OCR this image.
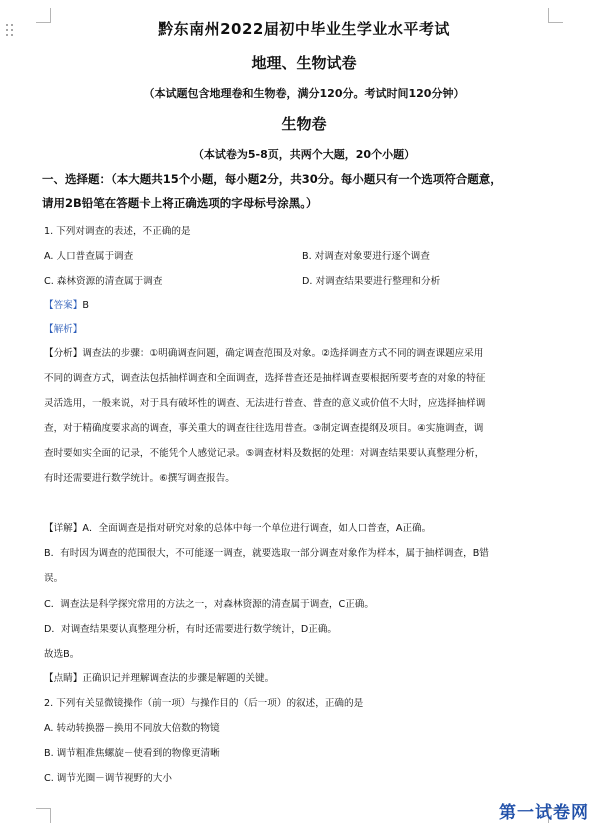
黔东南州2022届初中毕业生学业水平考试
地理、生物试卷
（本试题包含地理卷和生物卷，满分120分。考试时间120分钟）
生物卷
（本试卷为5-8页，共两个大题，20个小题）
一、选择题：（本大题共15个小题，每小题2分，共30分。每小题只有一个选项符合题意，
请用2B铅笔在答题卡上将正确选项的字母标号涂黑。）
1. 下列对调查的表述，不正确的是
A. 人口普查属于调查	B. 对调查对象要进行逐个调查
C. 森林资源的清查属于调查	D. 对调查结果要进行整理和分析
【答案】B
【解析】
【分析】调查法的步骤：①明确调查问题，确定调查范围及对象。②选择调查方式不同的调查课题应采用
不同的调查方式，调查法包括抽样调查和全面调查，选择普查还是抽样调查要根据所要考查的对象的特征
灵活选用，一般来说，对于具有破坏性的调查、无法进行普查、普查的意义或价值不大时，应选择抽样调
查，对于精确度要求高的调查，事关重大的调查往往选用普查。③制定调查提纲及项目。④实施调查，调
查时要如实全面的记录，不能凭个人感觉记录。⑤调查材料及数据的处理：对调查结果要认真整理分析，
有时还需要进行数学统计。⑥撰写调查报告。
【详解】A．全面调查是指对研究对象的总体中每一个单位进行调查，如人口普查，A正确。
B．有时因为调查的范围很大，不可能逐一调查，就要选取一部分调查对象作为样本，属于抽样调查，B错
误。
C．调查法是科学探究常用的方法之一，对森林资源的清查属于调查，C正确。
D．对调查结果要认真整理分析，有时还需要进行数学统计，D正确。
故选B。
【点睛】正确识记并理解调查法的步骤是解题的关键。
2. 下列有关显微镜操作（前一项）与操作目的（后一项）的叙述，正确的是
A. 转动转换器－换用不同放大倍数的物镜
B. 调节粗准焦螺旋－使看到的物像更清晰
C. 调节光圈－调节视野的大小
第一试卷网
